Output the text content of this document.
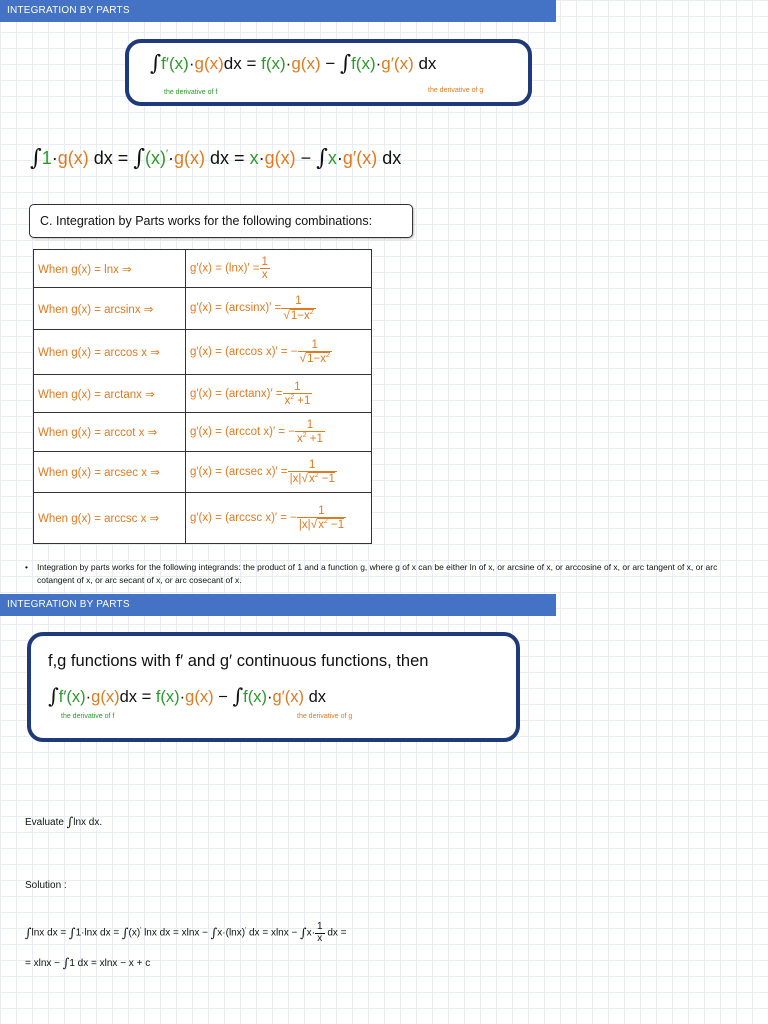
INTEGRATION BY PARTS
∫f′(x)·g(x)dx = f(x)·g(x) − ∫f(x)·g′(x) dx
the derivative of f	the derivative of g
∫1·g(x) dx = ∫(x)′·g(x) dx = x·g(x) − ∫x·g′(x) dx
C. Integration by Parts works for the following combinations:
When g(x) = lnx ⇒	$g'(x) = (\ln x)' = \frac{1}{x}$

When g(x) = arcsinx ⇒	$g'(x) = (\arcsin x)' = \frac{1}{√1-x^2}$

When g(x) = arccos x ⇒	g′(x) = (arccos x)′ = − $\frac{1}{√1-x^2}$

When g(x) = arctanx ⇒	$g'(x) = (\arctan x)' = \frac{1}{x^2 +1}$

When g(x) = arccot x ⇒	g′(x) = (arccot x)′ = − $\frac{1}{x^2 +1}$

When g(x) = arcsec x ⇒	g′(x) = (arcsec $x)' = \frac{1}{|x|√x^2 -1}$

When g(x) = arccsc x ⇒	g′(x) = (arccsc x)′ = − $\frac{1}{|x|√x^2 -1}$
• Integration by parts works for the following integrands: the product of 1 and a function g, where g of x can be either ln of x, or arcsine of x, or arccosine of x, or arc tangent of x, or arc cotangent of x, or arc secant of x, or arc cosecant of x.
INTEGRATION BY PARTS
f,g functions with f′ and g′ continuous functions, then
∫f′(x)·g(x)dx = f(x)·g(x) − ∫f(x)·g′(x) dx
the derivative of f	the derivative of g
Evaluate ∫lnx dx.
Solution :
∫lnx dx = ∫1·lnx dx = ∫(x)′ lnx dx = xlnx − ∫x·(lnx)′ dx = $xlnx - \int x\cdot \frac{1}{x}$ dx =
= xlnx − ∫1 dx = xlnx − x + c
